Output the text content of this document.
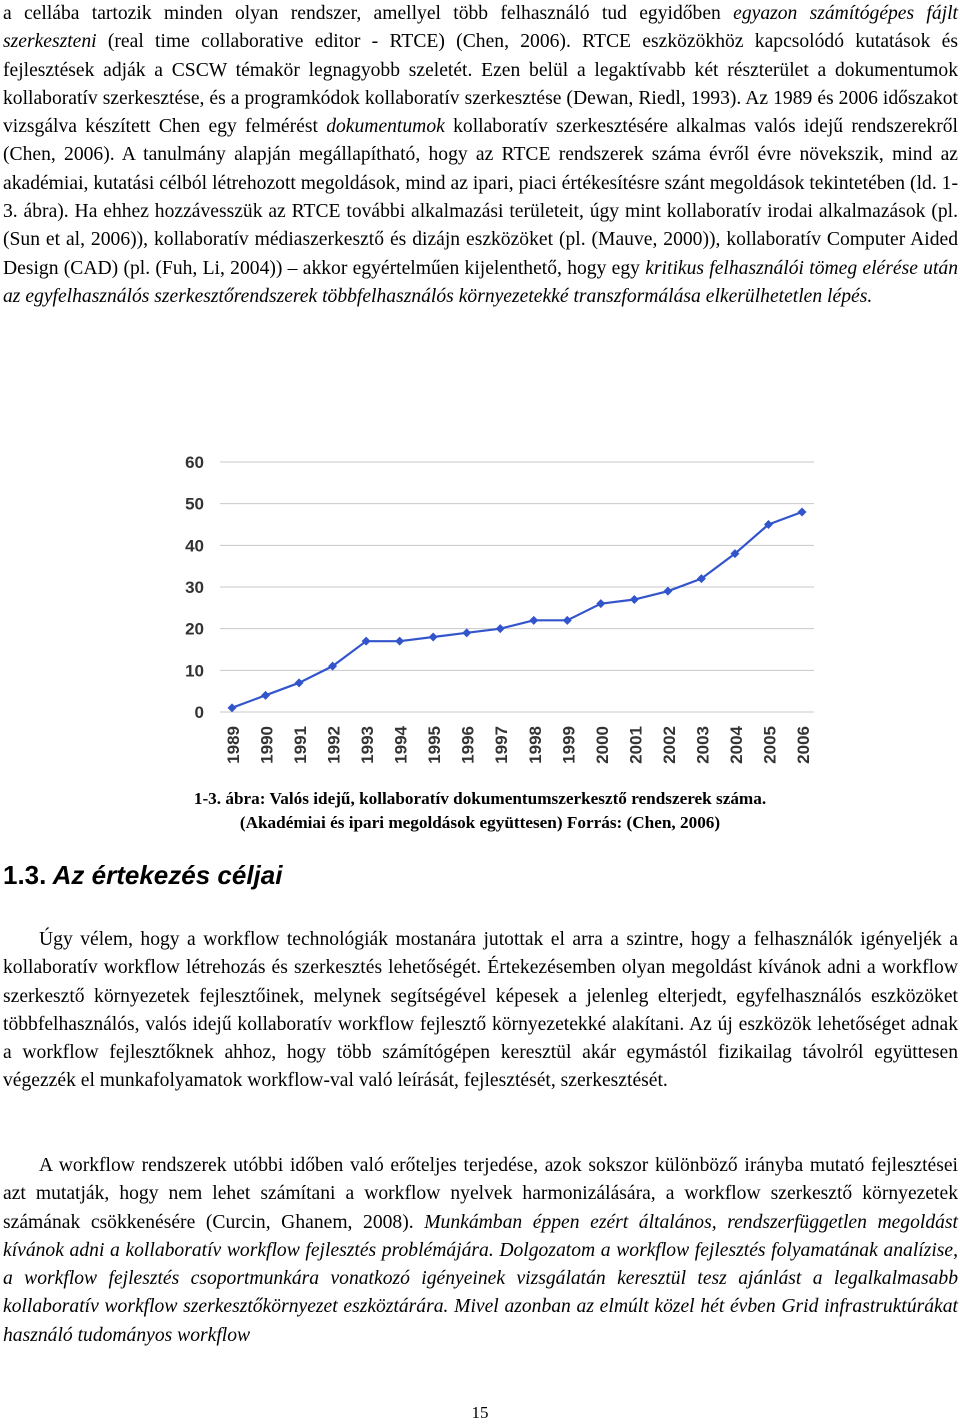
a cellába tartozik minden olyan rendszer, amellyel több felhasználó tud egyidőben egyazon számítógépes fájlt szerkeszteni (real time collaborative editor - RTCE) (Chen, 2006). RTCE eszközökhöz kapcsolódó kutatások és fejlesztések adják a CSCW témakör legnagyobb szeletét. Ezen belül a legaktívabb két részterület a dokumentumok kollaboratív szerkesztése, és a programkódok kollaboratív szerkesztése (Dewan, Riedl, 1993). Az 1989 és 2006 időszakot vizsgálva készített Chen egy felmérést dokumentumok kollaboratív szerkesztésére alkalmas valós idejű rendszerekről (Chen, 2006). A tanulmány alapján megállapítható, hogy az RTCE rendszerek száma évről évre növekszik, mind az akadémiai, kutatási célból létrehozott megoldások, mind az ipari, piaci értékesítésre szánt megoldások tekintetében (ld. 1-3. ábra). Ha ehhez hozzávesszük az RTCE további alkalmazási területeit, úgy mint kollaboratív irodai alkalmazások (pl. (Sun et al, 2006)), kollaboratív médiaszerkesztő és dizájn eszközöket (pl. (Mauve, 2000)), kollaboratív Computer Aided Design (CAD) (pl. (Fuh, Li, 2004)) – akkor egyértelműen kijelenthető, hogy egy kritikus felhasználói tömeg elérése után az egyfelhasználós szerkesztőrendszerek többfelhasználós környezetekké transzformálása elkerülhetetlen lépés.

0
10
20
30
40
50
60
1989 1990 1991 1992 1993 1994 1995 1996 1997 1998 1999 2000 2001 2002 2003 2004 2005 2006
1-3. ábra: Valós idejű, kollaboratív dokumentumszerkesztő rendszerek száma.
(Akadémiai és ipari megoldások együttesen) Forrás: (Chen, 2006)
1.3. Az értekezés céljai

Úgy vélem, hogy a workflow technológiák mostanára jutottak el arra a szintre, hogy a felhasználók igényeljék a kollaboratív workflow létrehozás és szerkesztés lehetőségét. Értekezésemben olyan megoldást kívánok adni a workflow szerkesztő környezetek fejlesztőinek, melynek segítségével képesek a jelenleg elterjedt, egyfelhasználós eszközöket többfelhasználós, valós idejű kollaboratív workflow fejlesztő környezetekké alakítani. Az új eszközök lehetőséget adnak a workflow fejlesztőknek ahhoz, hogy több számítógépen keresztül akár egymástól fizikailag távolról együttesen végezzék el munkafolyamatok workflow-val való leírását, fejlesztését, szerkesztését.

A workflow rendszerek utóbbi időben való erőteljes terjedése, azok sokszor különböző irányba mutató fejlesztései azt mutatják, hogy nem lehet számítani a workflow nyelvek harmonizálására, a workflow szerkesztő környezetek számának csökkenésére (Curcin, Ghanem, 2008). Munkámban éppen ezért általános, rendszerfüggetlen megoldást kívánok adni a kollaboratív workflow fejlesztés problémájára. Dolgozatom a workflow fejlesztés folyamatának analízise, a workflow fejlesztés csoportmunkára vonatkozó igényeinek vizsgálatán keresztül tesz ajánlást a legalkalmasabb kollaboratív workflow szerkesztőkörnyezet eszköztárára. Mivel azonban az elmúlt közel hét évben Grid infrastruktúrákat használó tudományos workflow

15
